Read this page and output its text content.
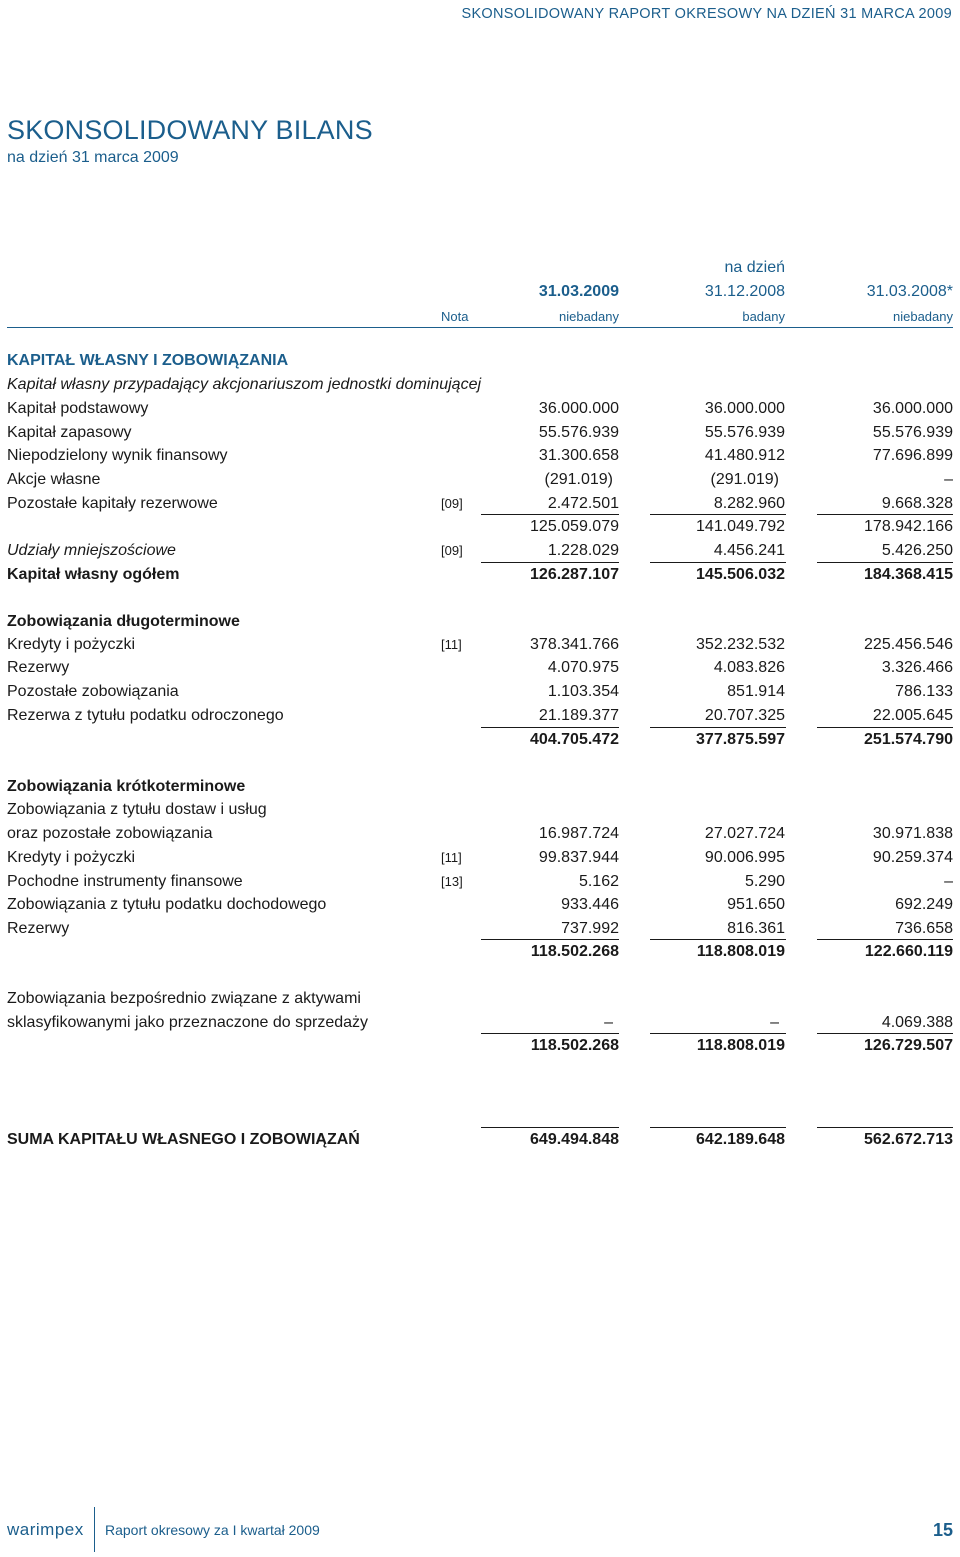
SKONSOLIDOWANY RAPORT OKRESOWY NA DZIEŃ 31 MARCA 2009
SKONSOLIDOWANY BILANS
na dzień 31 marca 2009
na dzień
31.03.2009	31.12.2008	31.03.2008*
Nota	niebadany	badany	niebadany
KAPITAŁ WŁASNY I ZOBOWIĄZANIA
Kapitał własny przypadający akcjonariuszom jednostki dominującej
Kapitał podstawowy	36.000.000	36.000.000	36.000.000
Kapitał zapasowy	55.576.939	55.576.939	55.576.939
Niepodzielony wynik finansowy	31.300.658	41.480.912	77.696.899
Akcje własne	(291.019)	(291.019)	–
Pozostałe kapitały rezerwowe	[09]	2.472.501	8.282.960	9.668.328
125.059.079	141.049.792	178.942.166
Udziały mniejszościowe	[09]	1.228.029	4.456.241	5.426.250
Kapitał własny ogółem	126.287.107	145.506.032	184.368.415
Zobowiązania długoterminowe
Kredyty i pożyczki	[11]	378.341.766	352.232.532	225.456.546
Rezerwy	4.070.975	4.083.826	3.326.466
Pozostałe zobowiązania	1.103.354	851.914	786.133
Rezerwa z tytułu podatku odroczonego	21.189.377	20.707.325	22.005.645
404.705.472	377.875.597	251.574.790
Zobowiązania krótkoterminowe
Zobowiązania z tytułu dostaw i usług
oraz pozostałe zobowiązania	16.987.724	27.027.724	30.971.838
Kredyty i pożyczki	[11]	99.837.944	90.006.995	90.259.374
Pochodne instrumenty finansowe	[13]	5.162	5.290	–
Zobowiązania z tytułu podatku dochodowego	933.446	951.650	692.249
Rezerwy	737.992	816.361	736.658
118.502.268	118.808.019	122.660.119
Zobowiązania bezpośrednio związane z aktywami
sklasyfikowanymi jako przeznaczone do sprzedaży	–	–	4.069.388
118.502.268	118.808.019	126.729.507
SUMA KAPITAŁU WŁASNEGO I ZOBOWIĄZAŃ	649.494.848	642.189.648	562.672.713
warimpex Raport okresowy za I kwartał 2009	15
